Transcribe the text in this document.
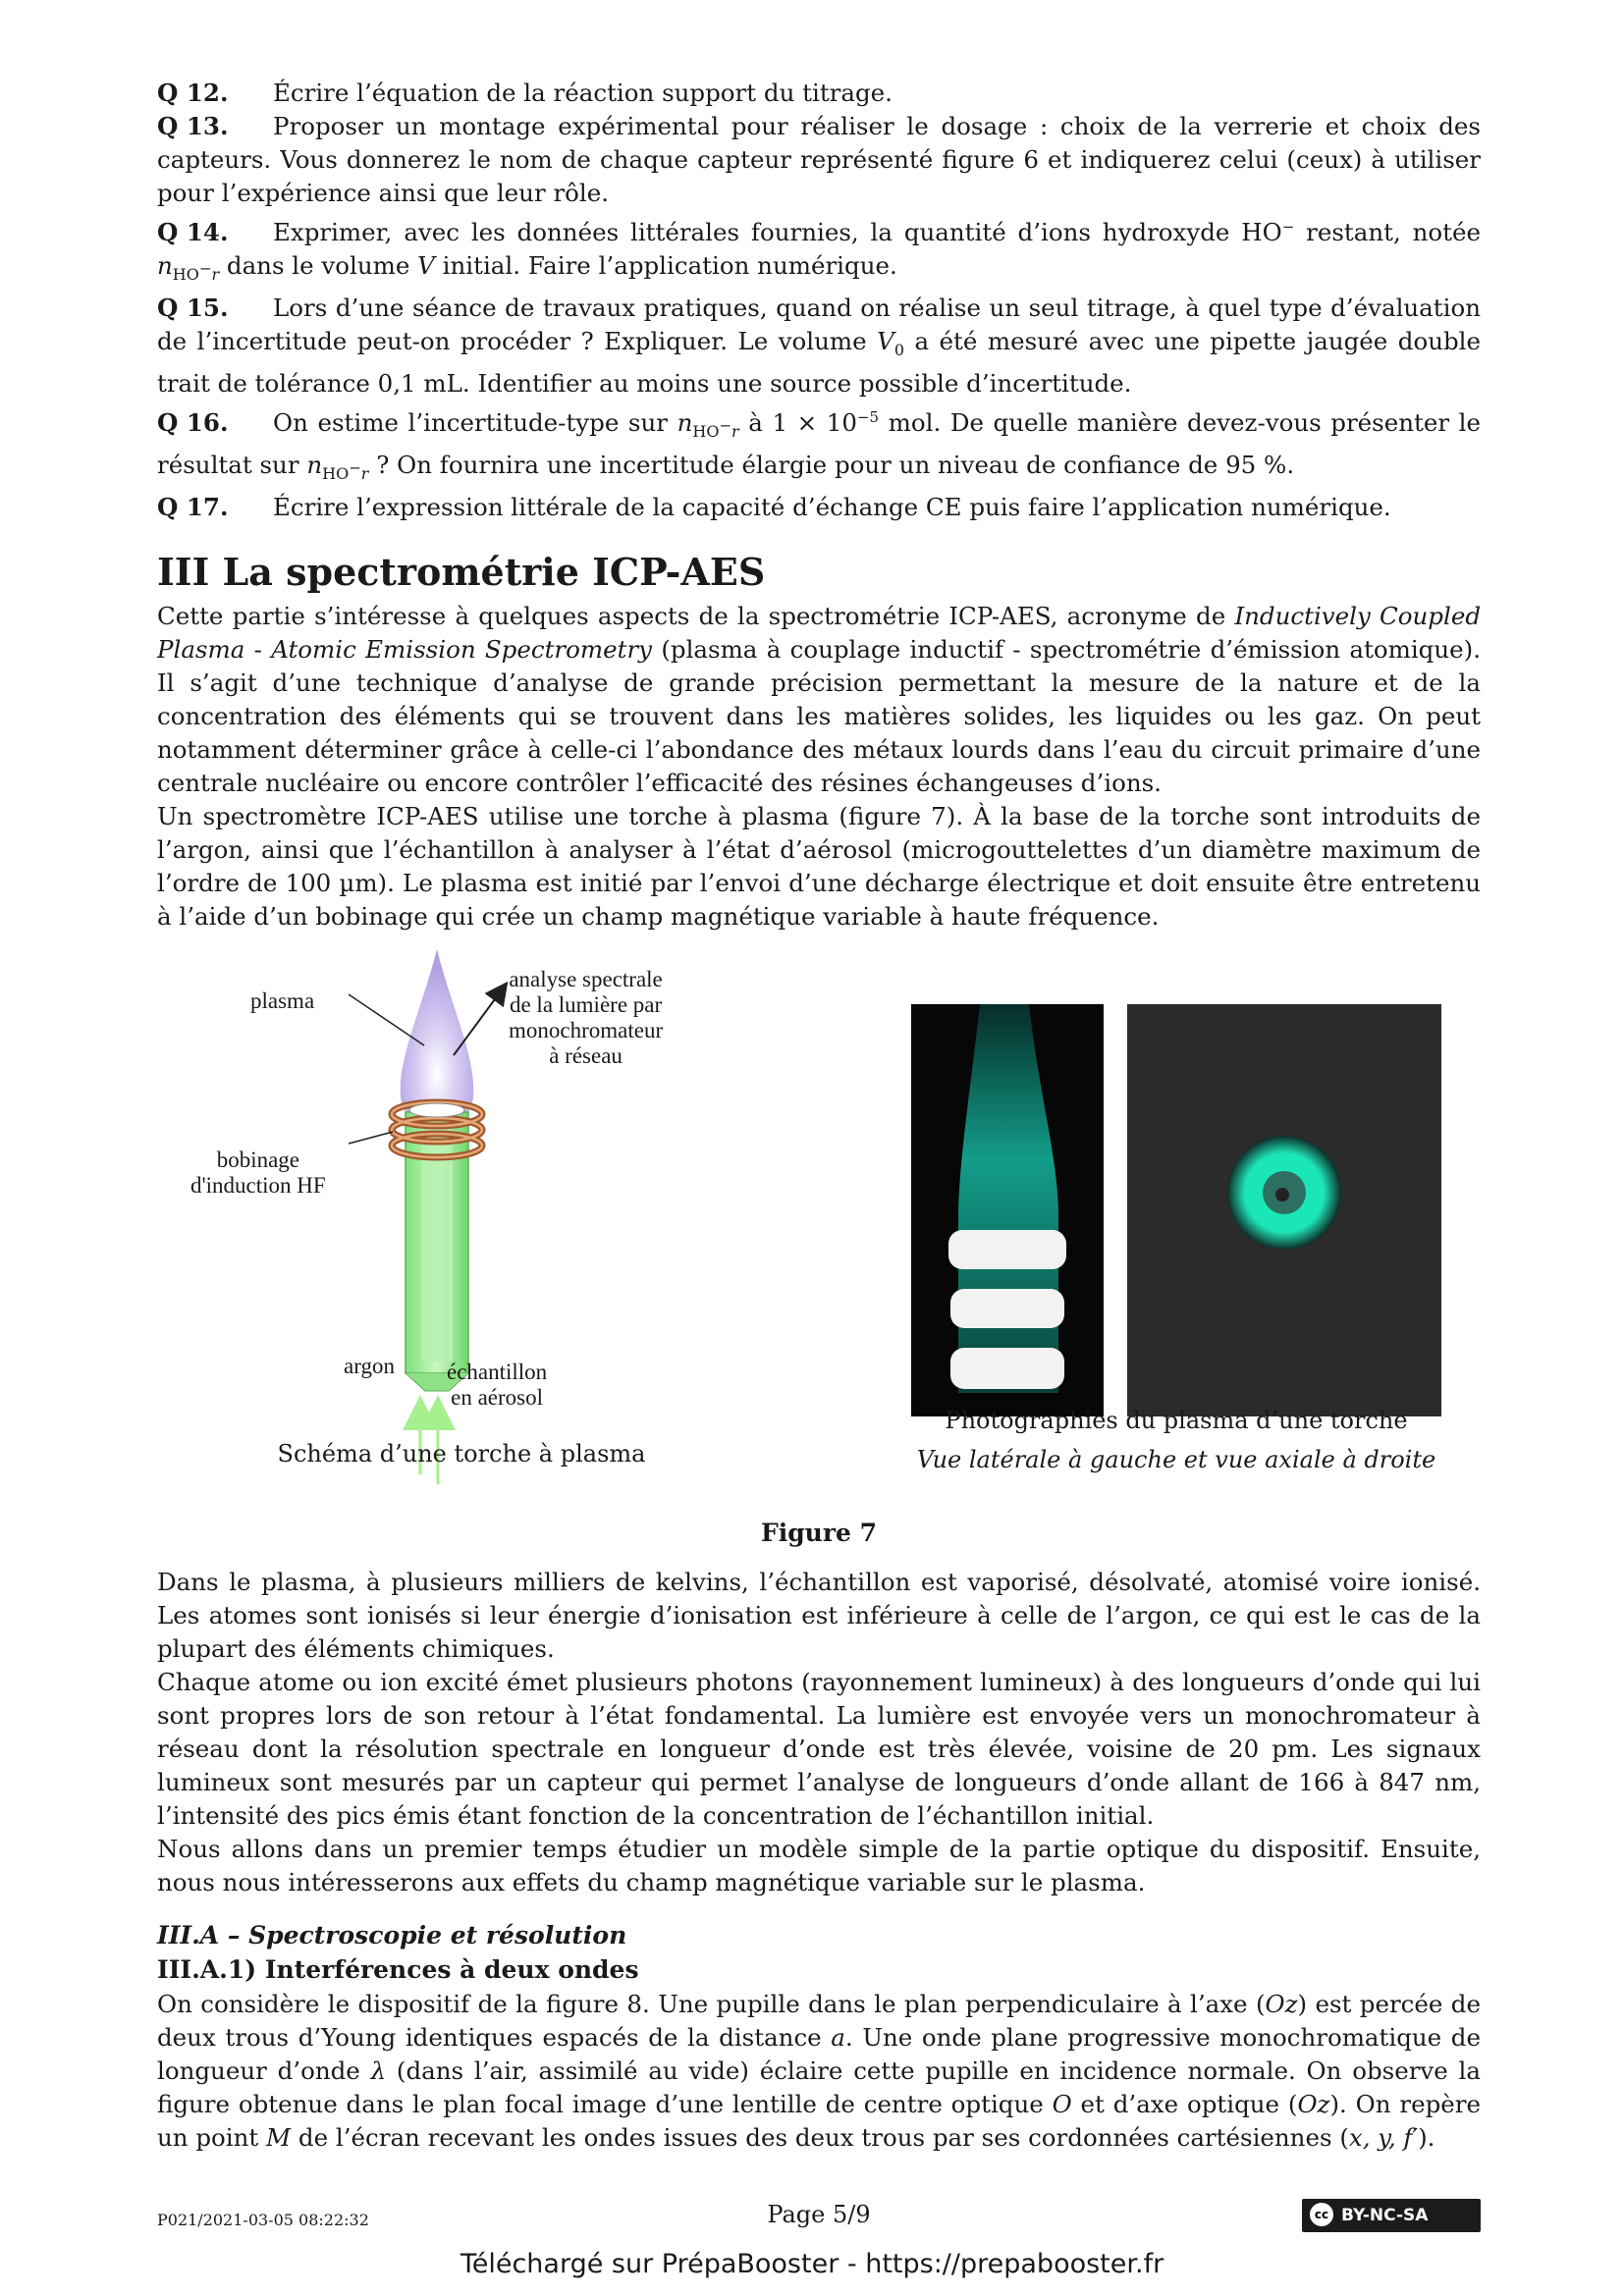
Q 12. Écrire l’équation de la réaction support du titrage.

Q 13. Proposer un montage expérimental pour réaliser le dosage : choix de la verrerie et choix des capteurs. Vous donnerez le nom de chaque capteur représenté figure 6 et indiquerez celui (ceux) à utiliser pour l’expérience ainsi que leur rôle.

Q 14. Exprimer, avec les données littérales fournies, la quantité d’ions hydroxyde HO− restant, notée $n_{HO^-r}$ dans le volume V initial. Faire l’application numérique.

Q 15. Lors d’une séance de travaux pratiques, quand on réalise un seul titrage, à quel type d’évaluation de l’incertitude peut-on procéder ? Expliquer. Le volume $V_0$ a été mesuré avec une pipette jaugée double trait de tolérance 0,1 mL. Identifier au moins une source possible d’incertitude.

Q 16. On estime l’incertitude-type sur $n_{HO^-r}$ à $1 \times 10^{-5}$ mol. De quelle manière devez-vous présenter le résultat sur $n_{HO^-r}$ ? On fournira une incertitude élargie pour un niveau de confiance de 95 %.

Q 17. Écrire l’expression littérale de la capacité d’échange CE puis faire l’application numérique.

III La spectrométrie ICP-AES

Cette partie s’intéresse à quelques aspects de la spectrométrie ICP-AES, acronyme de Inductively Coupled Plasma - Atomic Emission Spectrometry (plasma à couplage inductif - spectrométrie d’émission atomique). Il s’agit d’une technique d’analyse de grande précision permettant la mesure de la nature et de la concentration des éléments qui se trouvent dans les matières solides, les liquides ou les gaz. On peut notamment déterminer grâce à celle-ci l’abondance des métaux lourds dans l’eau du circuit primaire d’une centrale nucléaire ou encore contrôler l’efficacité des résines échangeuses d’ions.

Un spectromètre ICP-AES utilise une torche à plasma (figure 7). À la base de la torche sont introduits de l’argon, ainsi que l’échantillon à analyser à l’état d’aérosol (microgouttelettes d’un diamètre maximum de l’ordre de 100 µm). Le plasma est initié par l’envoi d’une décharge électrique et doit ensuite être entretenu à l’aide d’un bobinage qui crée un champ magnétique variable à haute fréquence.

plasma
analyse spectrale
de la lumière par
monochromateur
à réseau
bobinage
d'induction HF
argon échantillon
en aérosol
Schéma d’une torche à plasma
Photographies du plasma d’une torche
Vue latérale à gauche et vue axiale à droite

Figure 7

Dans le plasma, à plusieurs milliers de kelvins, l’échantillon est vaporisé, désolvaté, atomisé voire ionisé. Les atomes sont ionisés si leur énergie d’ionisation est inférieure à celle de l’argon, ce qui est le cas de la plupart des éléments chimiques.

Chaque atome ou ion excité émet plusieurs photons (rayonnement lumineux) à des longueurs d’onde qui lui sont propres lors de son retour à l’état fondamental. La lumière est envoyée vers un monochromateur à réseau dont la résolution spectrale en longueur d’onde est très élevée, voisine de 20 pm. Les signaux lumineux sont mesurés par un capteur qui permet l’analyse de longueurs d’onde allant de 166 à 847 nm, l’intensité des pics émis étant fonction de la concentration de l’échantillon initial.

Nous allons dans un premier temps étudier un modèle simple de la partie optique du dispositif. Ensuite, nous nous intéresserons aux effets du champ magnétique variable sur le plasma.

III.A – Spectroscopie et résolution
III.A.1) Interférences à deux ondes

On considère le dispositif de la figure 8. Une pupille dans le plan perpendiculaire à l’axe (Oz) est percée de deux trous d’Young identiques espacés de la distance a. Une onde plane progressive monochromatique de longueur d’onde λ (dans l’air, assimilé au vide) éclaire cette pupille en incidence normale. On observe la figure obtenue dans le plan focal image d’une lentille de centre optique O et d’axe optique (Oz). On repère un point M de l’écran recevant les ondes issues des deux trous par ses cordonnées cartésiennes (x, y, f′).

P021/2021-03-05 08:22:32	Page 5/9	cc BY-NC-SA
Téléchargé sur PrépaBooster - https://prepabooster.fr
